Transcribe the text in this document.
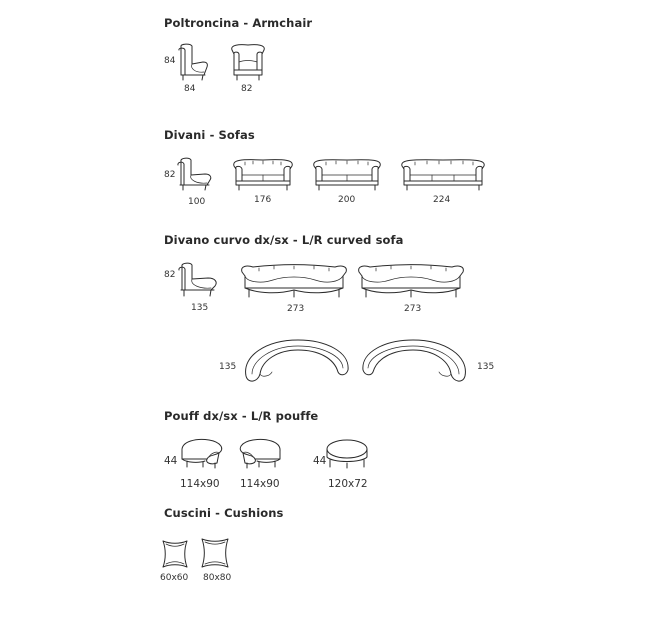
Poltroncina - Armchair
84
84	82
Divani - Sofas
82
100	176	200	224
Divano curvo dx/sx - L/R curved sofa
82
135	273	273
135	135
Pouff dx/sx - L/R pouffe
44
114x90 114x90
44
120x72
Cuscini - Cushions
60x60 80x80
